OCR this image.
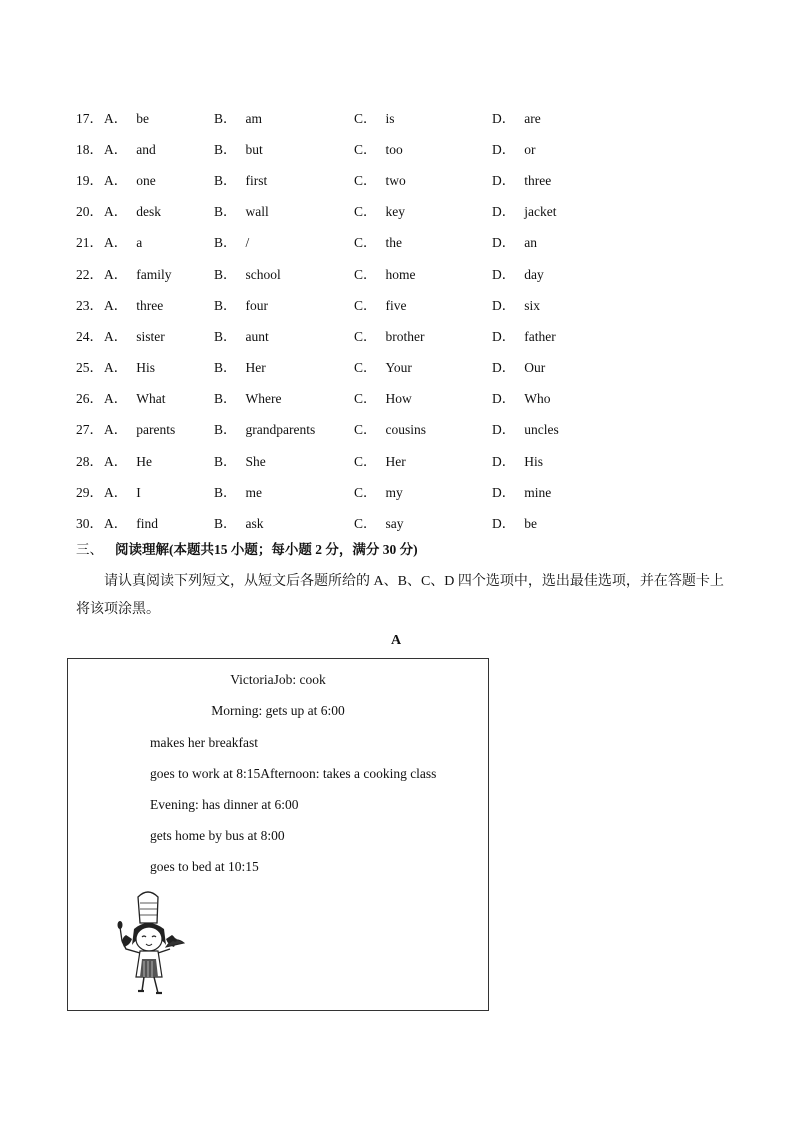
17． A． be	B． am	C． is	D． are
18． A． and	B． but	C． too	D． or
19． A． one	B． first	C． two	D． three
20． A． desk	B． wall	C． key	D． jacket
21． A． a	B． /	C． the	D． an
22． A． family	B． school	C． home	D． day
23． A． three	B． four	C． five	D． six
24． A． sister	B． aunt	C． brother	D． father
25． A． His	B． Her	C． Your	D． Our
26． A． What	B． Where	C． How	D． Who
27． A． parents	B． grandparents	C． cousins	D． uncles
28． A． He	B． She	C． Her	D． His
29． A． I	B． me	C． my	D． mine
30． A． find	B． ask	C． say	D． be
三、 阅读理解(本题共15 小题；每小题 2 分，满分 30 分)
请认真阅读下列短文，从短文后各题所给的 A、B、C、D 四个选项中，选出最佳选项，并在答题卡上将该项涂黑。
A
VictoriaJob: cook
Morning: gets up at 6:00
makes her breakfast
goes to work at 8:15Afternoon: takes a cooking class
Evening: has dinner at 6:00
gets home by bus at 8:00
goes to bed at 10:15
